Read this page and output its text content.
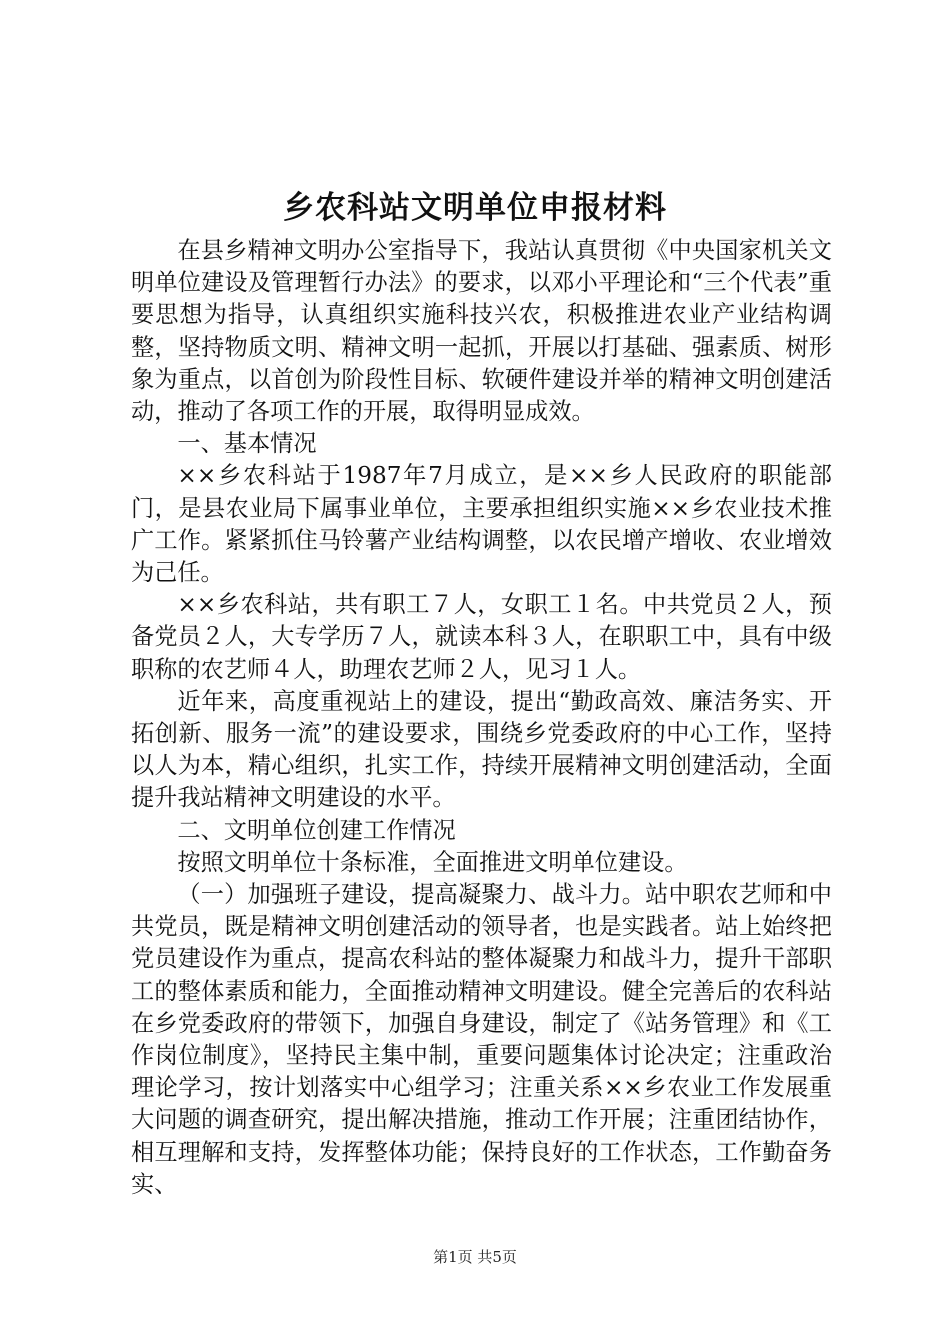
乡农科站文明单位申报材料

在县乡精神文明办公室指导下，我站认真贯彻《中央国家机关文明单位建设及管理暂行办法》的要求，以邓小平理论和“三个代表”重要思想为指导，认真组织实施科技兴农，积极推进农业产业结构调整，坚持物质文明、精神文明一起抓，开展以打基础、强素质、树形象为重点，以首创为阶段性目标、软硬件建设并举的精神文明创建活动，推动了各项工作的开展，取得明显成效。

一、基本情况

××乡农科站于1987年7月成立，是××乡人民政府的职能部门，是县农业局下属事业单位，主要承担组织实施××乡农业技术推广工作。紧紧抓住马铃薯产业结构调整，以农民增产增收、农业增效为己任。

××乡农科站，共有职工７人，女职工１名。中共党员２人，预备党员２人，大专学历７人，就读本科３人，在职职工中，具有中级职称的农艺师４人，助理农艺师２人，见习１人。

近年来，高度重视站上的建设，提出“勤政高效、廉洁务实、开拓创新、服务一流”的建设要求，围绕乡党委政府的中心工作，坚持以人为本，精心组织，扎实工作，持续开展精神文明创建活动，全面提升我站精神文明建设的水平。

二、文明单位创建工作情况

按照文明单位十条标准，全面推进文明单位建设。

（一）加强班子建设，提高凝聚力、战斗力。站中职农艺师和中共党员，既是精神文明创建活动的领导者，也是实践者。站上始终把党员建设作为重点，提高农科站的整体凝聚力和战斗力，提升干部职工的整体素质和能力，全面推动精神文明建设。健全完善后的农科站在乡党委政府的带领下，加强自身建设，制定了《站务管理》和《工作岗位制度》，坚持民主集中制，重要问题集体讨论决定；注重政治理论学习，按计划落实中心组学习；注重关系××乡农业工作发展重大问题的调查研究，提出解决措施，推动工作开展；注重团结协作，相互理解和支持，发挥整体功能；保持良好的工作状态，工作勤奋务实、

第1页 共5页
